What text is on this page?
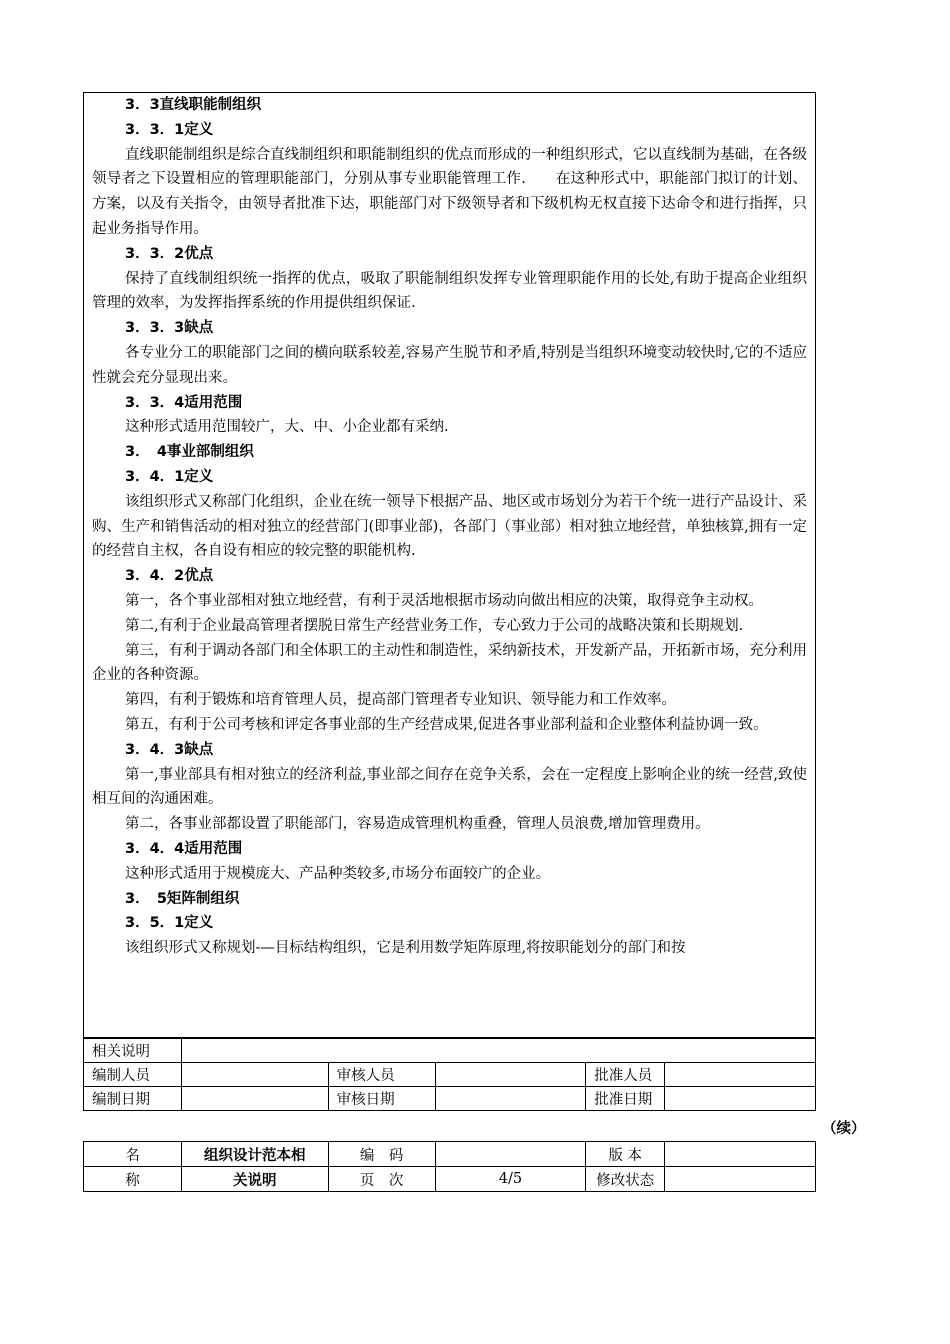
3．3直线职能制组织

3．3．1定义

直线职能制组织是综合直线制组织和职能制组织的优点而形成的一种组织形式，它以直线制为基础，在各级领导者之下设置相应的管理职能部门，分别从事专业职能管理工作.　　在这种形式中，职能部门拟订的计划、方案，以及有关指令，由领导者批准下达，职能部门对下级领导者和下级机构无权直接下达命令和进行指挥，只起业务指导作用。

3．3．2优点

保持了直线制组织统一指挥的优点，吸取了职能制组织发挥专业管理职能作用的长处,有助于提高企业组织管理的效率，为发挥指挥系统的作用提供组织保证.

3．3．3缺点

各专业分工的职能部门之间的横向联系较差,容易产生脱节和矛盾,特别是当组织环境变动较快时,它的不适应性就会充分显现出来。

3．3．4适用范围

这种形式适用范围较广，大、中、小企业都有采纳.

3．　4事业部制组织

3．4．1定义

该组织形式又称部门化组织，企业在统一领导下根据产品、地区或市场划分为若干个统一进行产品设计、采购、生产和销售活动的相对独立的经营部门(即事业部)，各部门（事业部）相对独立地经营，单独核算,拥有一定的经营自主权，各自设有相应的较完整的职能机构.

3．4．2优点

第一，各个事业部相对独立地经营，有利于灵活地根据市场动向做出相应的决策，取得竞争主动权。

第二,有利于企业最高管理者摆脱日常生产经营业务工作，专心致力于公司的战略决策和长期规划.

第三，有利于调动各部门和全体职工的主动性和制造性，采纳新技术，开发新产品，开拓新市场，充分利用企业的各种资源。

第四，有利于锻炼和培育管理人员，提高部门管理者专业知识、领导能力和工作效率。

第五，有利于公司考核和评定各事业部的生产经营成果,促进各事业部利益和企业整体利益协调一致。

3．4．3缺点

第一,事业部具有相对独立的经济利益,事业部之间存在竞争关系，会在一定程度上影响企业的统一经营,致使相互间的沟通困难。

第二，各事业部都设置了职能部门，容易造成管理机构重叠，管理人员浪费,增加管理费用。

3．4．4适用范围

这种形式适用于规模庞大、产品种类较多,市场分布面较广的企业。

3．　5矩阵制组织

3．5．1定义

该组织形式又称规划-—目标结构组织，它是利用数学矩阵原理,将按职能划分的部门和按

相关说明					
编制人员		审核人员		批准人员	
编制日期		审核日期		批准日期	
（续）
名	组织设计范本相	编　码		版 本	
称	关说明	页　次	4/5	修改状态	
